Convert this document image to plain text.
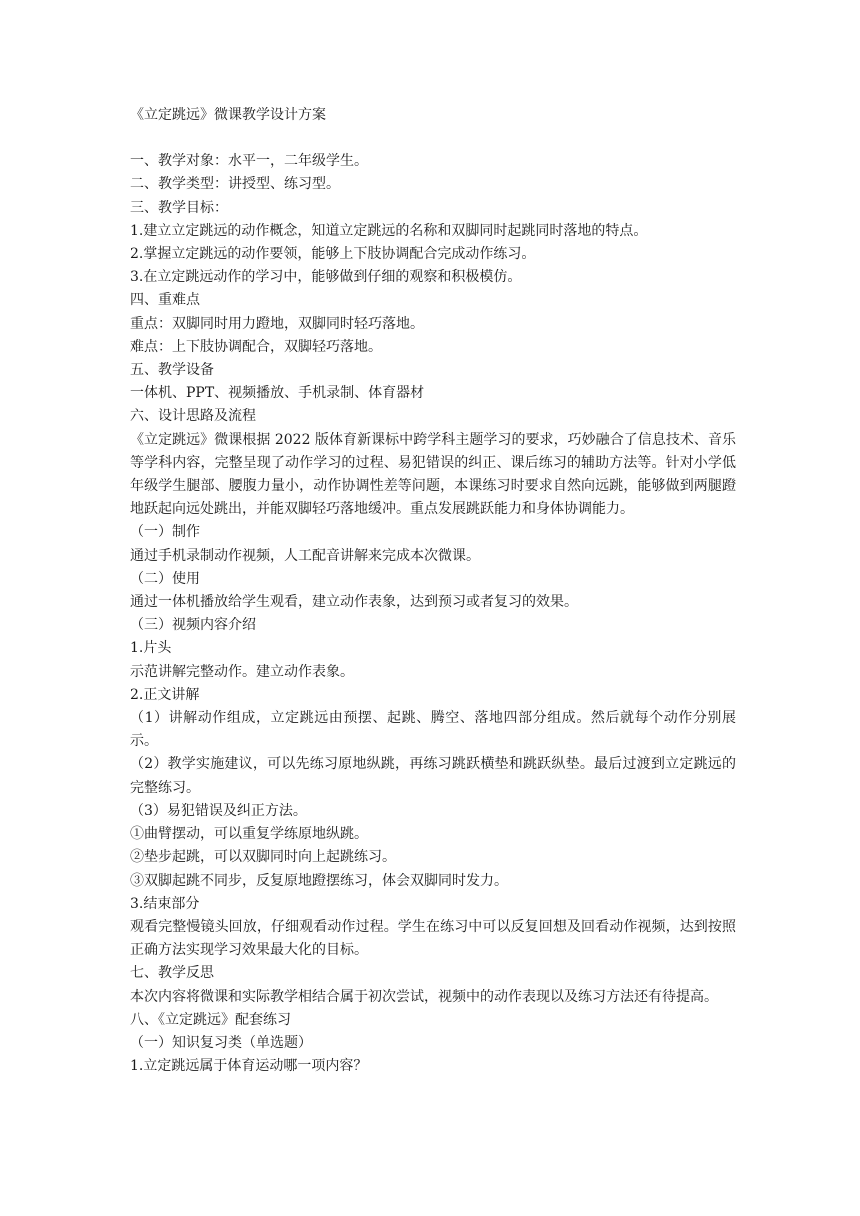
《立定跳远》微课教学设计方案
一、教学对象：水平一，二年级学生。
二、教学类型：讲授型、练习型。
三、教学目标：
1.建立立定跳远的动作概念，知道立定跳远的名称和双脚同时起跳同时落地的特点。
2.掌握立定跳远的动作要领，能够上下肢协调配合完成动作练习。
3.在立定跳远动作的学习中，能够做到仔细的观察和积极模仿。
四、重难点
重点：双脚同时用力蹬地，双脚同时轻巧落地。
难点：上下肢协调配合，双脚轻巧落地。
五、教学设备
一体机、PPT、视频播放、手机录制、体育器材
六、设计思路及流程
《立定跳远》微课根据 2022 版体育新课标中跨学科主题学习的要求，巧妙融合了信息技术、音乐等学科内容，完整呈现了动作学习的过程、易犯错误的纠正、课后练习的辅助方法等。针对小学低年级学生腿部、腰腹力量小，动作协调性差等问题，本课练习时要求自然向远跳，能够做到两腿蹬地跃起向远处跳出，并能双脚轻巧落地缓冲。重点发展跳跃能力和身体协调能力。
（一）制作
通过手机录制动作视频，人工配音讲解来完成本次微课。
（二）使用
通过一体机播放给学生观看，建立动作表象，达到预习或者复习的效果。
（三）视频内容介绍
1.片头
示范讲解完整动作。建立动作表象。
2.正文讲解
（1）讲解动作组成，立定跳远由预摆、起跳、腾空、落地四部分组成。然后就每个动作分别展示。
（2）教学实施建议，可以先练习原地纵跳，再练习跳跃横垫和跳跃纵垫。最后过渡到立定跳远的完整练习。
（3）易犯错误及纠正方法。
①曲臂摆动，可以重复学练原地纵跳。
②垫步起跳，可以双脚同时向上起跳练习。
③双脚起跳不同步，反复原地蹬摆练习，体会双脚同时发力。
3.结束部分
观看完整慢镜头回放，仔细观看动作过程。学生在练习中可以反复回想及回看动作视频，达到按照正确方法实现学习效果最大化的目标。
七、教学反思
本次内容将微课和实际教学相结合属于初次尝试，视频中的动作表现以及练习方法还有待提高。
八、《立定跳远》配套练习
（一）知识复习类（单选题）
1.立定跳远属于体育运动哪一项内容？
